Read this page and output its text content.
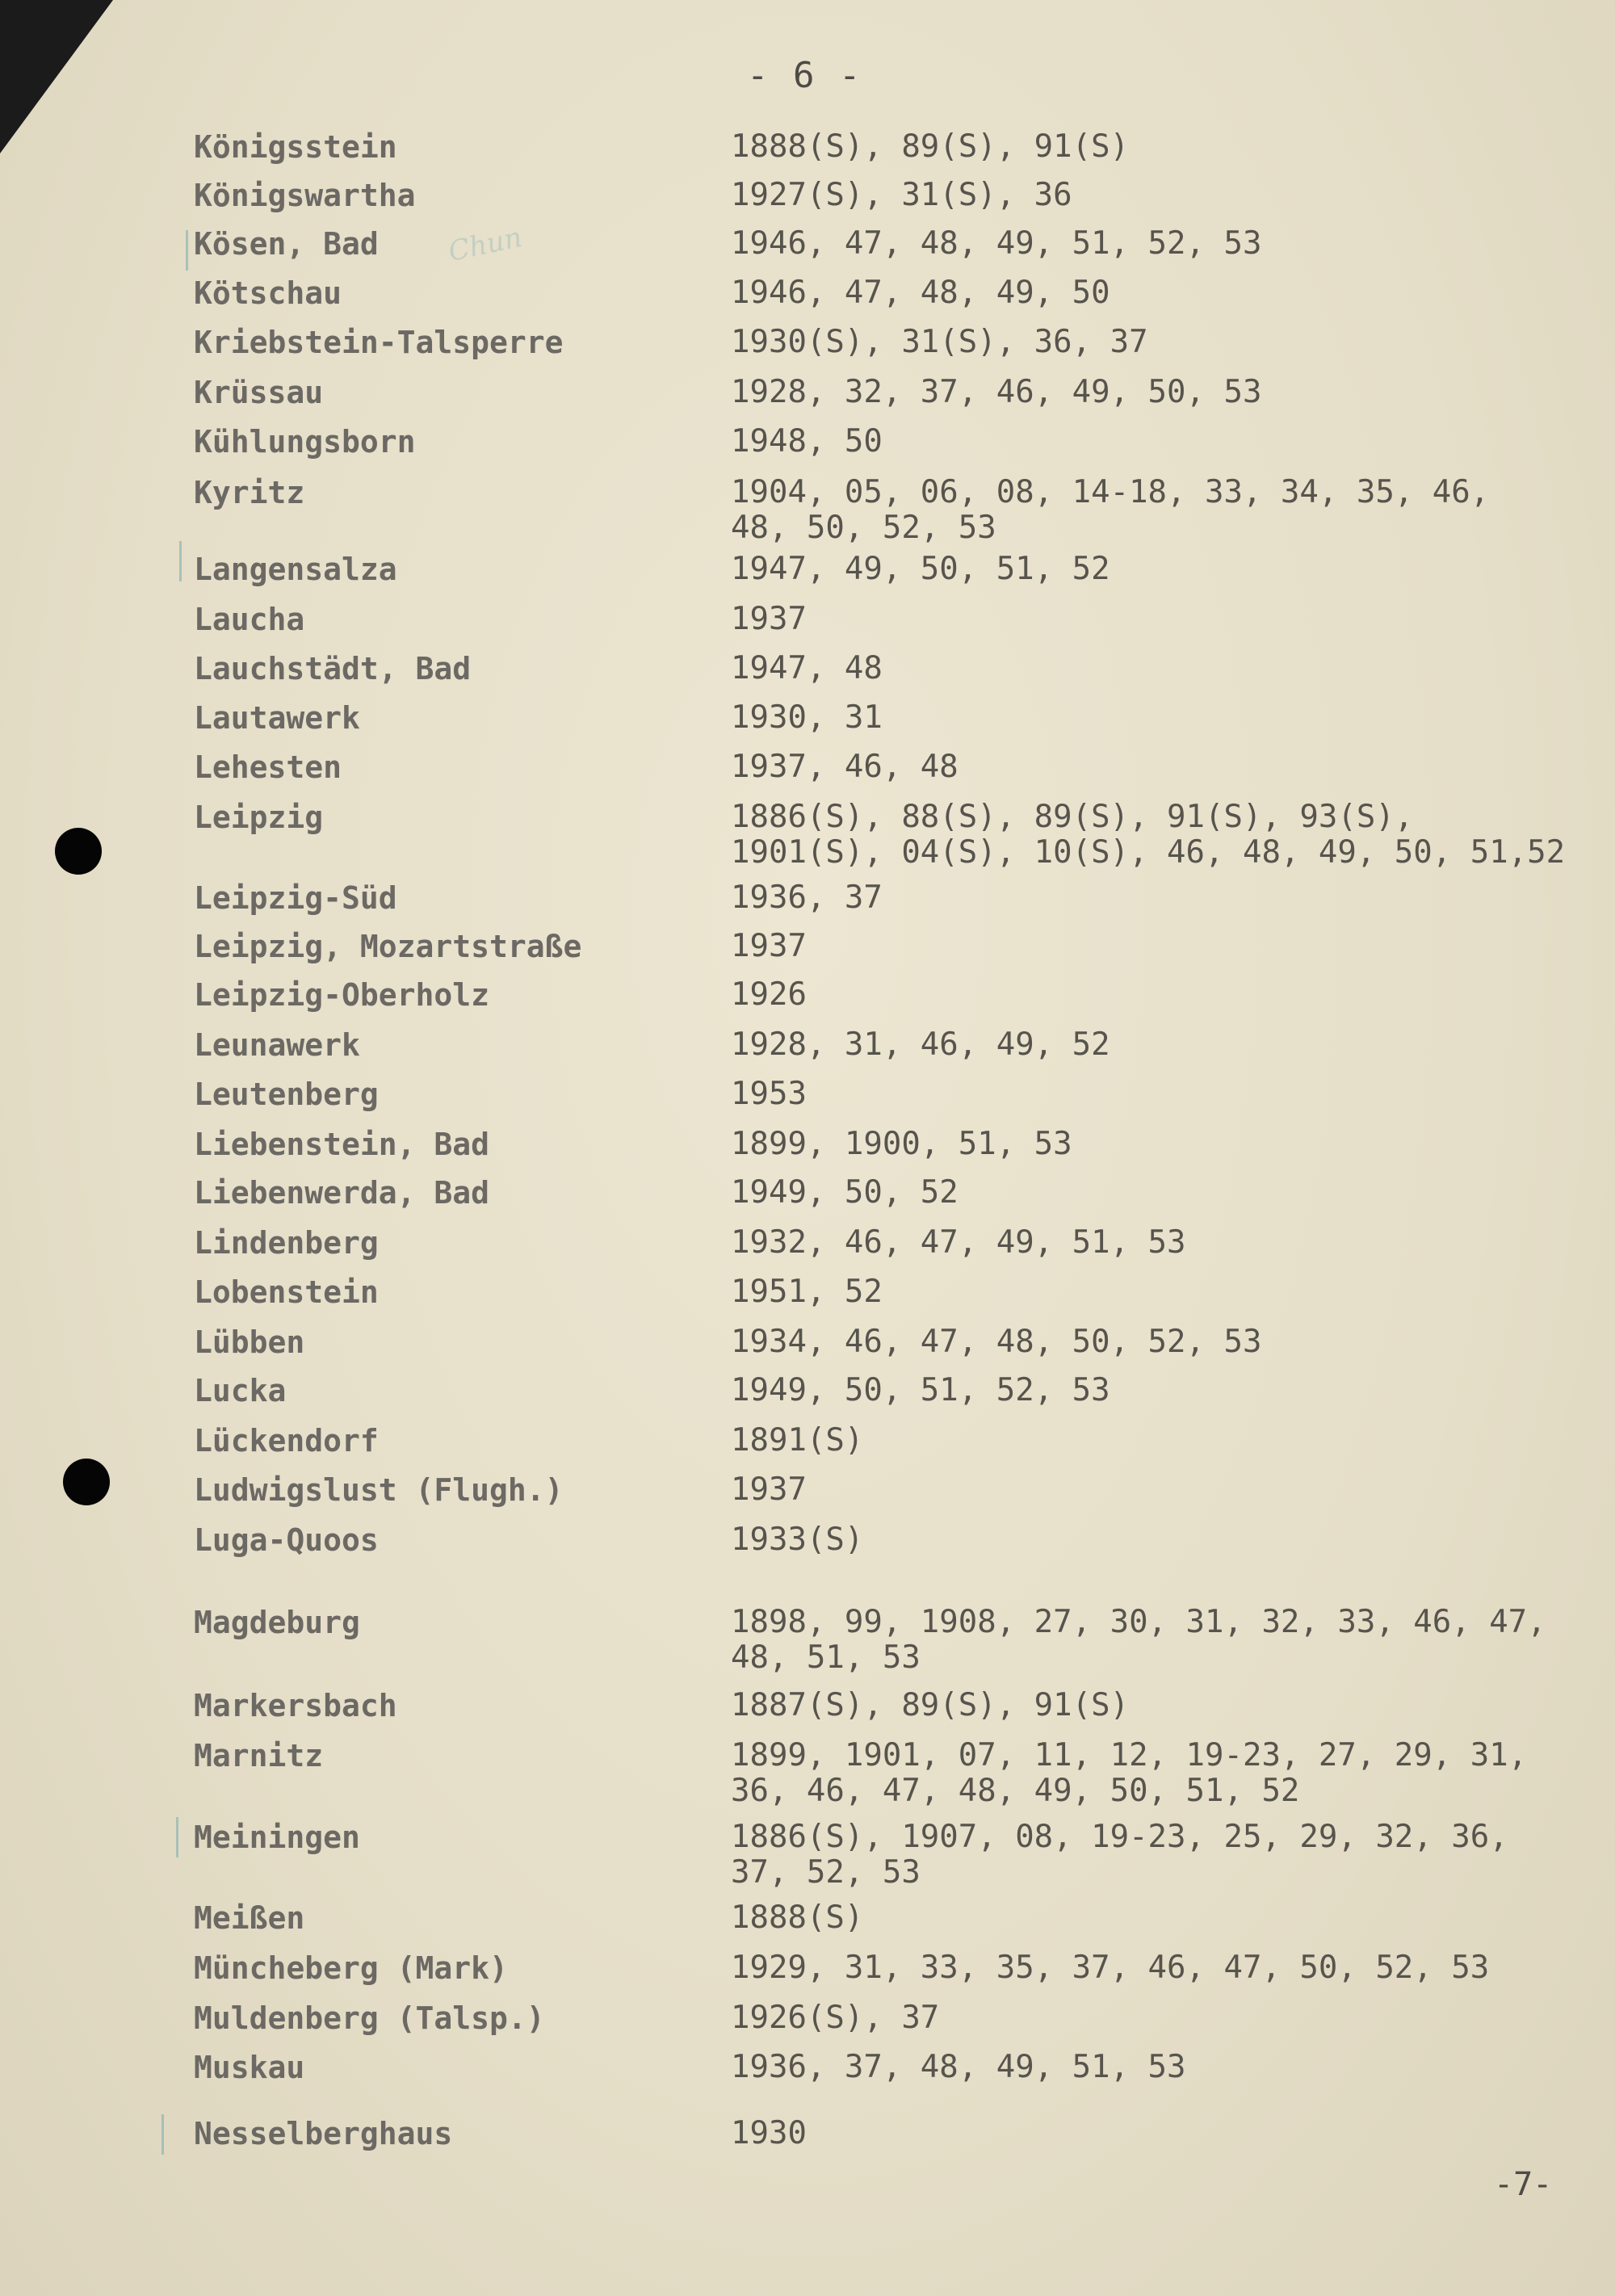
- 6 -
Chun
Königsstein	1888(S), 89(S), 91(S)
Königswartha	1927(S), 31(S), 36
Kösen, Bad	1946, 47, 48, 49, 51, 52, 53
Kötschau	1946, 47, 48, 49, 50
Kriebstein-Talsperre	1930(S), 31(S), 36, 37
Krüssau	1928, 32, 37, 46, 49, 50, 53
Kühlungsborn	1948, 50
Kyritz	1904, 05, 06, 08, 14-18, 33, 34, 35, 46,
48, 50, 52, 53
Langensalza	1947, 49, 50, 51, 52
Laucha	1937
Lauchstädt, Bad	1947, 48
Lautawerk	1930, 31
Lehesten	1937, 46, 48
Leipzig	1886(S), 88(S), 89(S), 91(S), 93(S),
1901(S), 04(S), 10(S), 46, 48, 49, 50, 51,52
Leipzig-Süd	1936, 37
Leipzig, Mozartstraße	1937
Leipzig-Oberholz	1926
Leunawerk	1928, 31, 46, 49, 52
Leutenberg	1953
Liebenstein, Bad	1899, 1900, 51, 53
Liebenwerda, Bad	1949, 50, 52
Lindenberg	1932, 46, 47, 49, 51, 53
Lobenstein	1951, 52
Lübben	1934, 46, 47, 48, 50, 52, 53
Lucka	1949, 50, 51, 52, 53
Lückendorf	1891(S)
Ludwigslust (Flugh.)	1937
Luga-Quoos	1933(S)
Magdeburg	1898, 99, 1908, 27, 30, 31, 32, 33, 46, 47,
48, 51, 53
Markersbach	1887(S), 89(S), 91(S)
Marnitz	1899, 1901, 07, 11, 12, 19-23, 27, 29, 31,
36, 46, 47, 48, 49, 50, 51, 52
Meiningen	1886(S), 1907, 08, 19-23, 25, 29, 32, 36,
37, 52, 53
Meißen	1888(S)
Müncheberg (Mark)	1929, 31, 33, 35, 37, 46, 47, 50, 52, 53
Muldenberg (Talsp.)	1926(S), 37
Muskau	1936, 37, 48, 49, 51, 53
Nesselberghaus	1930
-7-
